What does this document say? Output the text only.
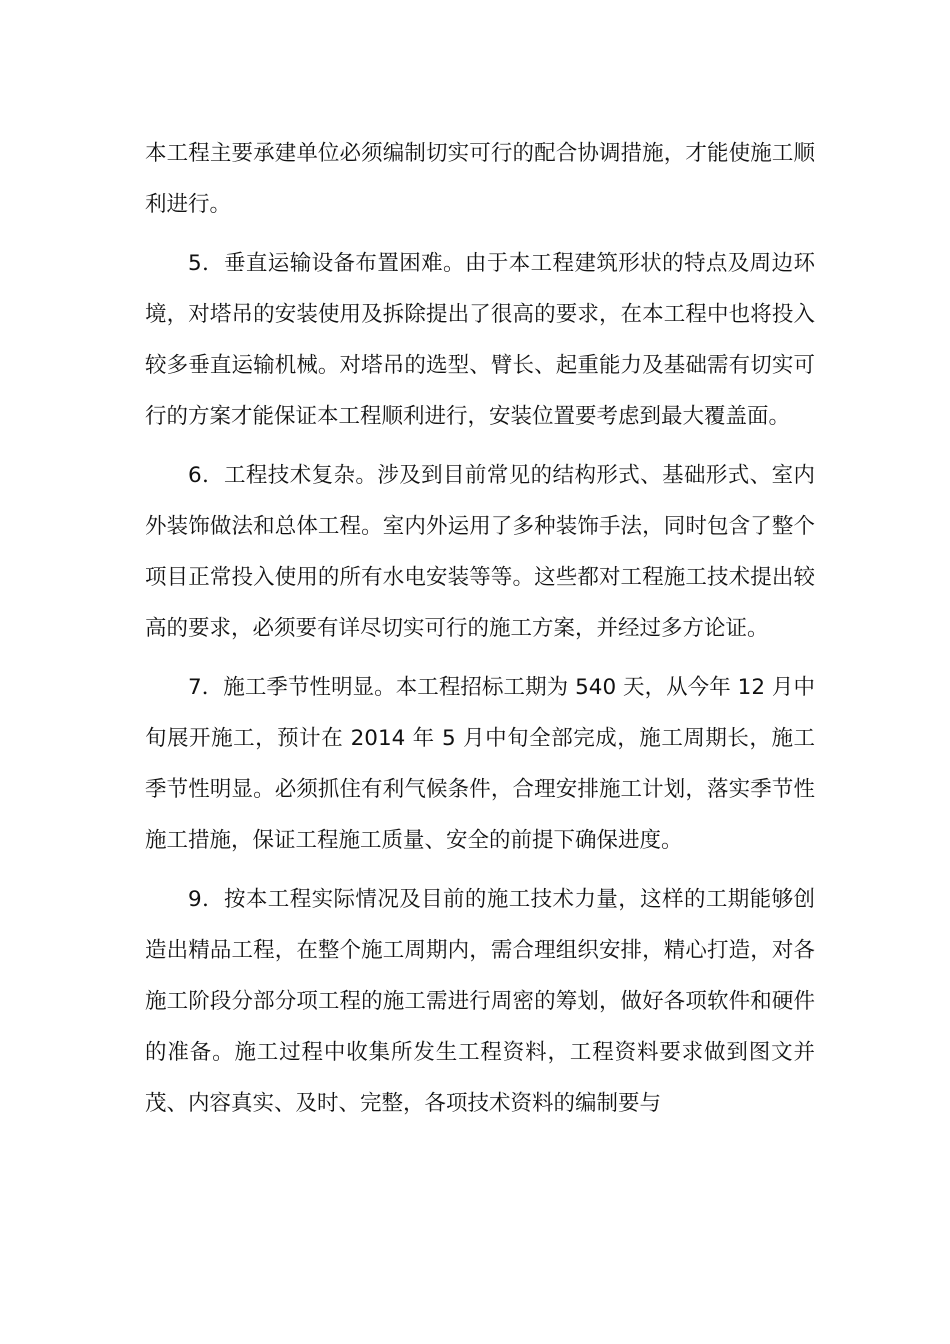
本工程主要承建单位必须编制切实可行的配合协调措施，才能使施工顺利进行。

5．垂直运输设备布置困难。由于本工程建筑形状的特点及周边环境，对塔吊的安装使用及拆除提出了很高的要求，在本工程中也将投入较多垂直运输机械。对塔吊的选型、臂长、起重能力及基础需有切实可行的方案才能保证本工程顺利进行，安装位置要考虑到最大覆盖面。

6．工程技术复杂。涉及到目前常见的结构形式、基础形式、室内外装饰做法和总体工程。室内外运用了多种装饰手法，同时包含了整个项目正常投入使用的所有水电安装等等。这些都对工程施工技术提出较高的要求，必须要有详尽切实可行的施工方案，并经过多方论证。

7．施工季节性明显。本工程招标工期为 540 天，从今年 12 月中旬展开施工，预计在 2014 年 5 月中旬全部完成，施工周期长，施工季节性明显。必须抓住有利气候条件，合理安排施工计划，落实季节性施工措施，保证工程施工质量、安全的前提下确保进度。

9．按本工程实际情况及目前的施工技术力量，这样的工期能够创造出精品工程，在整个施工周期内，需合理组织安排，精心打造，对各施工阶段分部分项工程的施工需进行周密的筹划，做好各项软件和硬件的准备。施工过程中收集所发生工程资料，工程资料要求做到图文并茂、内容真实、及时、完整，各项技术资料的编制要与
